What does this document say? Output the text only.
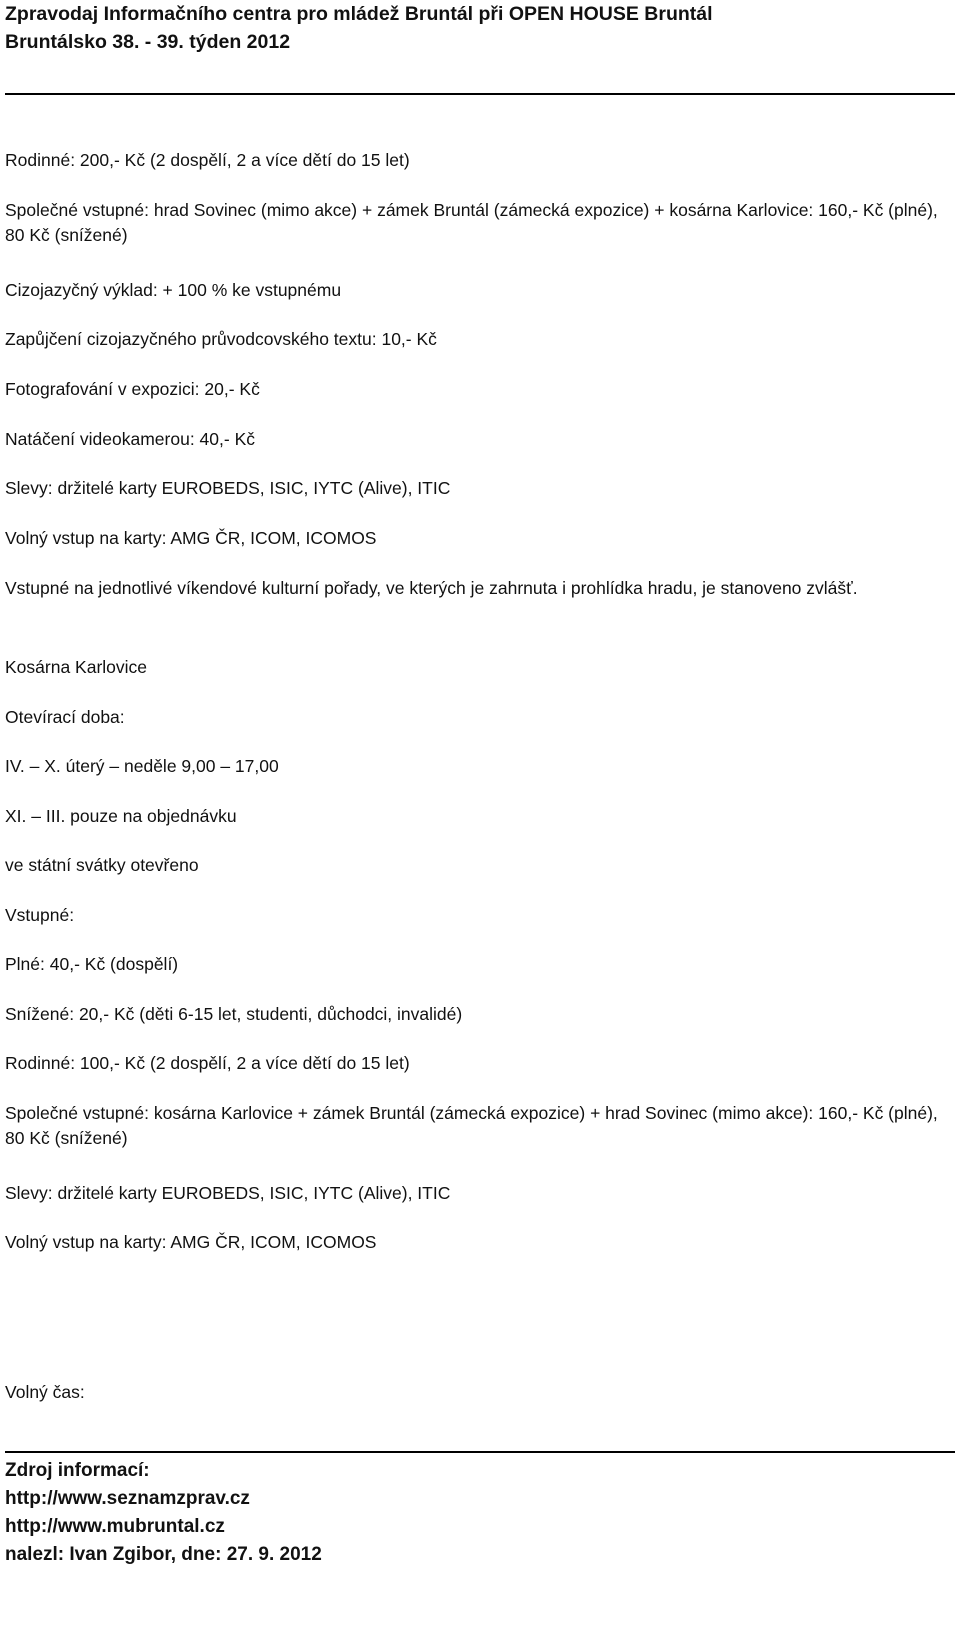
Zpravodaj Informačního centra pro mládež Bruntál při OPEN HOUSE Bruntál
Bruntálsko 38. - 39. týden 2012
Rodinné: 200,- Kč (2 dospělí, 2 a více dětí do 15 let)
Společné vstupné: hrad Sovinec (mimo akce) + zámek Bruntál (zámecká expozice) + kosárna Karlovice: 160,- Kč (plné), 80 Kč (snížené)
Cizojazyčný výklad: + 100 % ke vstupnému
Zapůjčení cizojazyčného průvodcovského textu: 10,- Kč
Fotografování v expozici: 20,- Kč
Natáčení videokamerou: 40,- Kč
Slevy: držitelé karty EUROBEDS, ISIC, IYTC (Alive), ITIC
Volný vstup na karty: AMG ČR, ICOM, ICOMOS
Vstupné na jednotlivé víkendové kulturní pořady, ve kterých je zahrnuta i prohlídka hradu, je stanoveno zvlášť.
Kosárna Karlovice
Otevírací doba:
IV. – X. úterý – neděle 9,00 – 17,00
XI. – III. pouze na objednávku
ve státní svátky otevřeno
Vstupné:
Plné: 40,- Kč (dospělí)
Snížené: 20,- Kč (děti 6-15 let, studenti, důchodci, invalidé)
Rodinné: 100,- Kč (2 dospělí, 2 a více dětí do 15 let)
Společné vstupné: kosárna Karlovice + zámek Bruntál (zámecká expozice) + hrad Sovinec (mimo akce): 160,- Kč (plné), 80 Kč (snížené)
Slevy: držitelé karty EUROBEDS, ISIC, IYTC (Alive), ITIC
Volný vstup na karty: AMG ČR, ICOM, ICOMOS
Volný čas:
Zdroj informací:
http://www.seznamzprav.cz
http://www.mubruntal.cz
nalezl: Ivan Zgibor, dne: 27. 9. 2012
